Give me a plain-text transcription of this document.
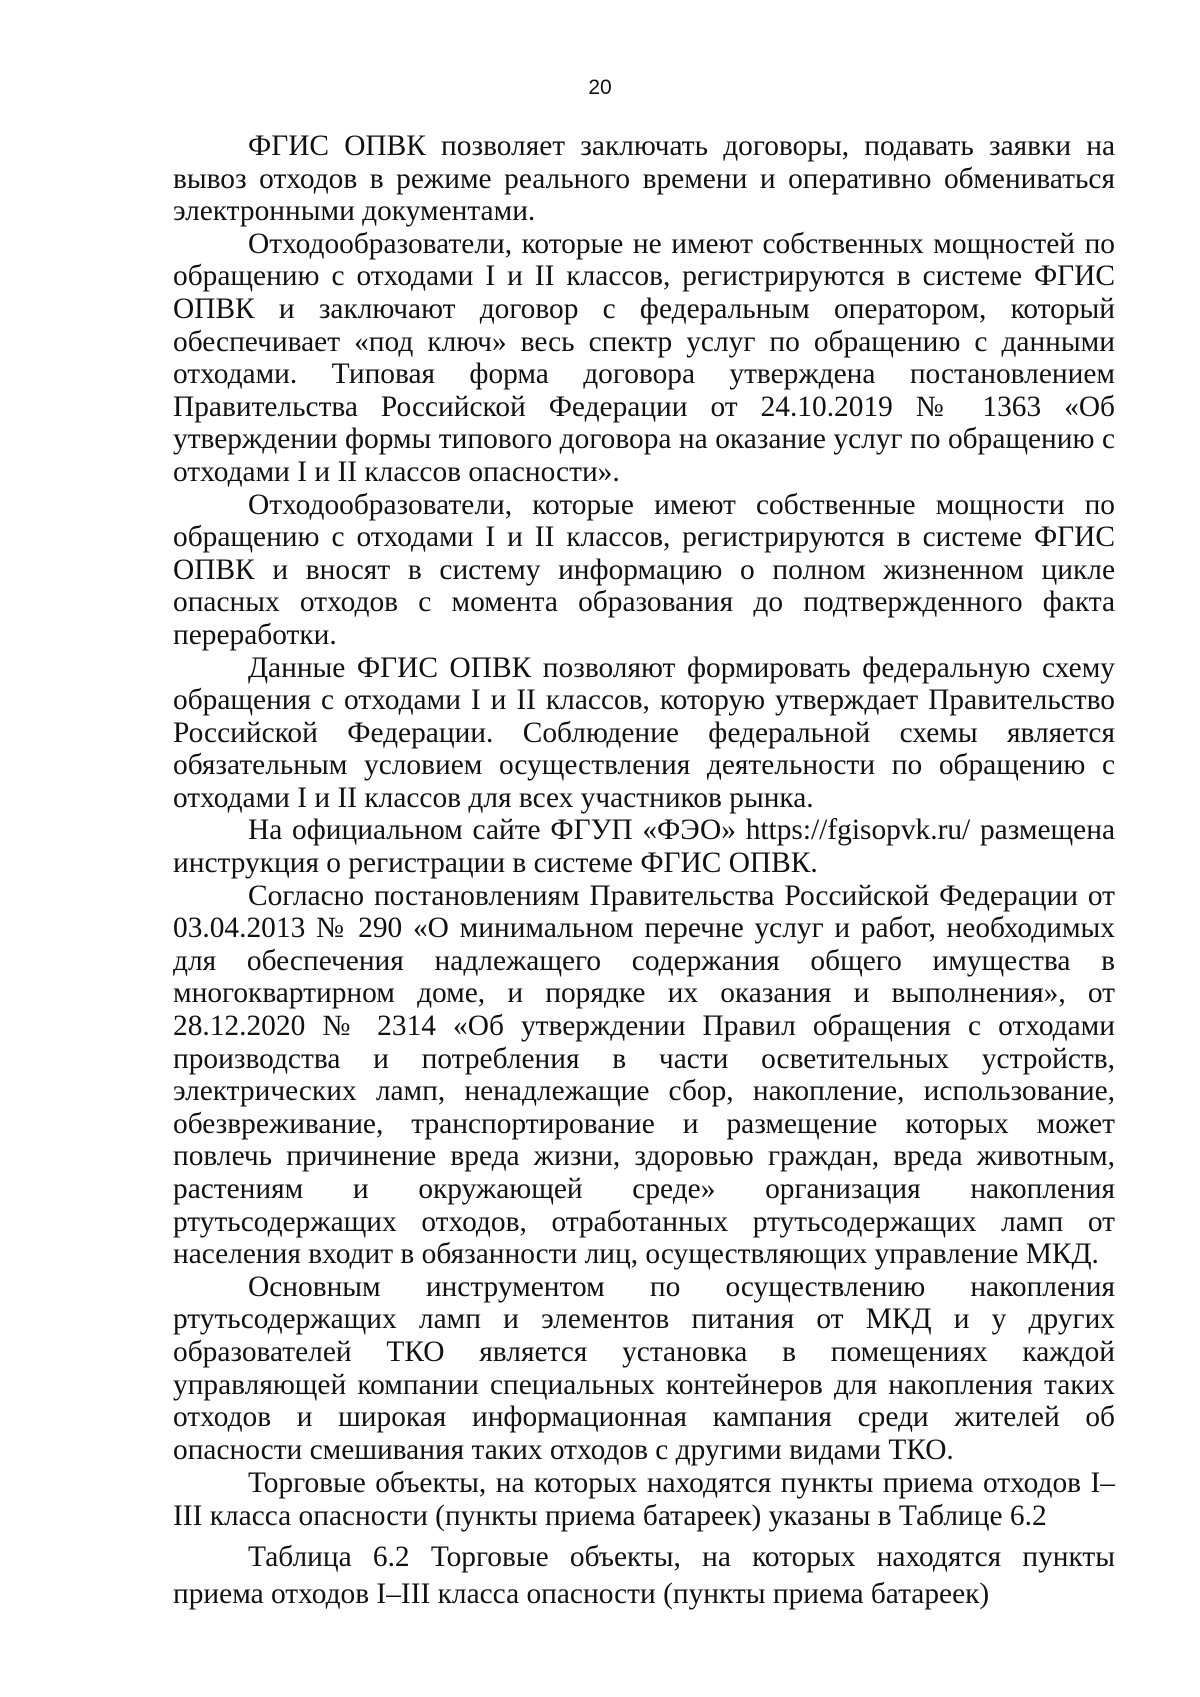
20

ФГИС ОПВК позволяет заключать договоры, подавать заявки на вывоз отходов в режиме реального времени и оперативно обмениваться электронными документами.

Отходообразователи, которые не имеют собственных мощностей по обращению с отходами I и II классов, регистрируются в системе ФГИС ОПВК и заключают договор с федеральным оператором, который обеспечивает «под ключ» весь спектр услуг по обращению с данными отходами. Типовая форма договора утверждена постановлением Правительства Российской Федерации от 24.10.2019 № 1363 «Об утверждении формы типового договора на оказание услуг по обращению с отходами I и II классов опасности».

Отходообразователи, которые имеют собственные мощности по обращению с отходами I и II классов, регистрируются в системе ФГИС ОПВК и вносят в систему информацию о полном жизненном цикле опасных отходов с момента образования до подтвержденного факта переработки.

Данные ФГИС ОПВК позволяют формировать федеральную схему обращения с отходами I и II классов, которую утверждает Правительство Российской Федерации. Соблюдение федеральной схемы является обязательным условием осуществления деятельности по обращению с отходами I и II классов для всех участников рынка.

На официальном сайте ФГУП «ФЭО» https://fgisopvk.ru/ размещена инструкция о регистрации в системе ФГИС ОПВК.

Согласно постановлениям Правительства Российской Федерации от 03.04.2013 № 290 «О минимальном перечне услуг и работ, необходимых для обеспечения надлежащего содержания общего имущества в многоквартирном доме, и порядке их оказания и выполнения», от 28.12.2020 № 2314 «Об утверждении Правил обращения с отходами производства и потребления в части осветительных устройств, электрических ламп, ненадлежащие сбор, накопление, использование, обезвреживание, транспортирование и размещение которых может повлечь причинение вреда жизни, здоровью граждан, вреда животным, растениям и окружающей среде» организация накопления ртутьсодержащих отходов, отработанных ртутьсодержащих ламп от населения входит в обязанности лиц, осуществляющих управление МКД.

Основным инструментом по осуществлению накопления ртутьсодержащих ламп и элементов питания от МКД и у других образователей ТКО является установка в помещениях каждой управляющей компании специальных контейнеров для накопления таких отходов и широкая информационная кампания среди жителей об опасности смешивания таких отходов с другими видами ТКО.

Торговые объекты, на которых находятся пункты приема отходов I–III класса опасности (пункты приема батареек) указаны в Таблице 6.2

Таблица 6.2 Торговые объекты, на которых находятся пункты приема отходов I–III класса опасности (пункты приема батареек)
